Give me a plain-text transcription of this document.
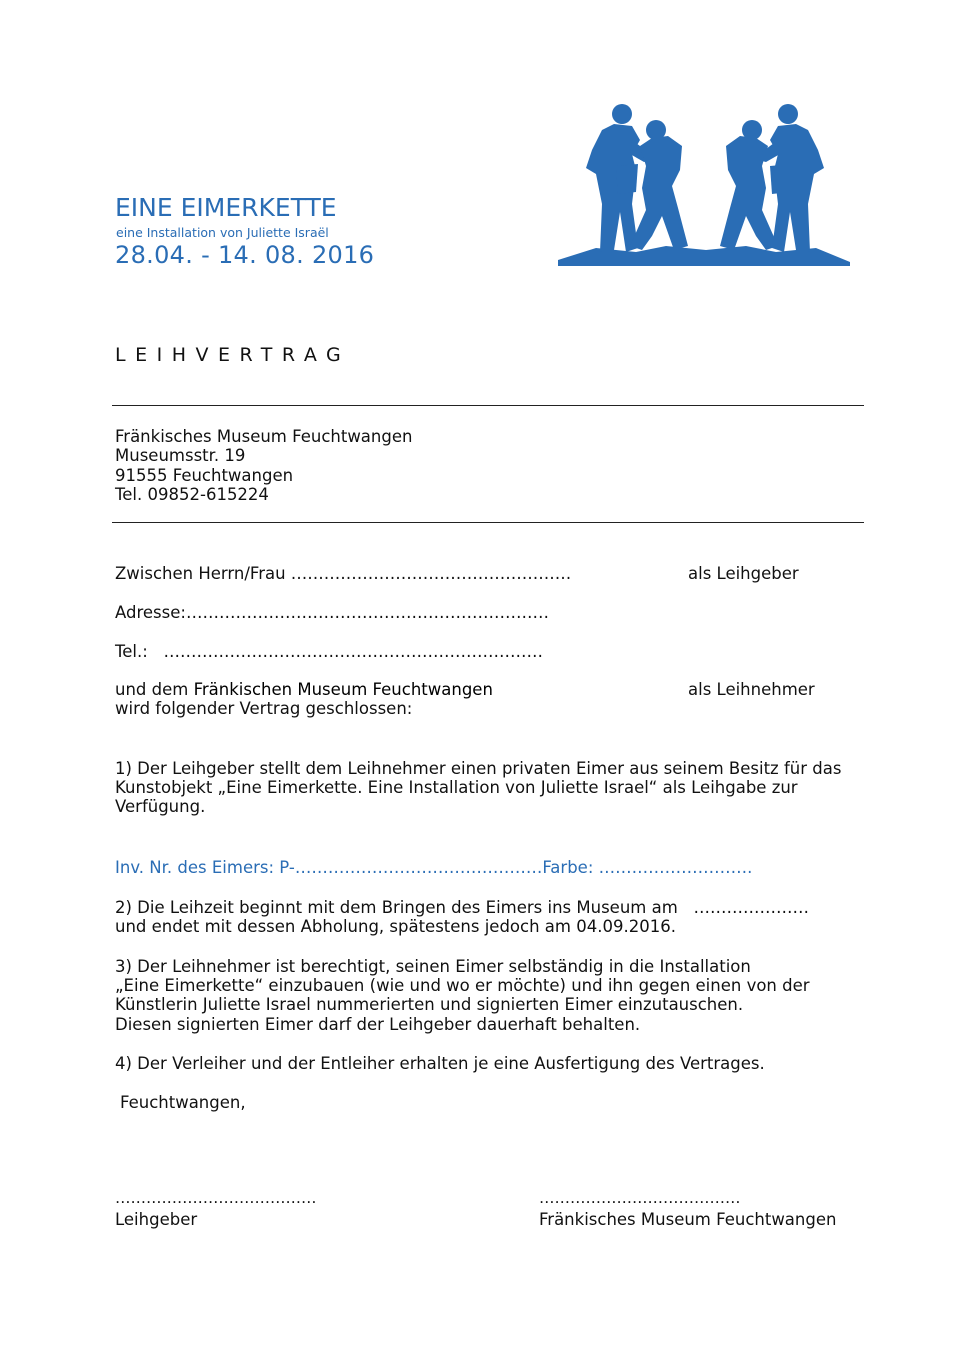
EINE EIMERKETTE
eine Installation von Juliette Israël
28.04. - 14. 08. 2016
LEIHVERTRAG
Fränkisches Museum Feuchtwangen
Museumsstr. 19
91555 Feuchtwangen
Tel. 09852-615224
Zwischen Herrn/Frau ……………………………………………	als Leihgeber
Adresse:…………………………………………………………
Tel.:   ……………………………………………………………
und dem Fränkischen Museum Feuchtwangen	als Leihnehmer
wird folgender Vertrag geschlossen:
1) Der Leihgeber stellt dem Leihnehmer einen privaten Eimer aus seinem Besitz für das
Kunstobjekt „Eine Eimerkette. Eine Installation von Juliette Israel“ als Leihgabe zur
Verfügung.
Inv. Nr. des Eimers: P-………………………………………Farbe: ……………………….
2) Die Leihzeit beginnt mit dem Bringen des Eimers ins Museum am   …………………
und endet mit dessen Abholung, spätestens jedoch am 04.09.2016.
3) Der Leihnehmer ist berechtigt, seinen Eimer selbständig in die Installation
„Eine Eimerkette“ einzubauen (wie und wo er möchte) und ihn gegen einen von der
Künstlerin Juliette Israel nummerierten und signierten Eimer einzutauschen.
Diesen signierten Eimer darf der Leihgeber dauerhaft behalten.
4) Der Verleiher und der Entleiher erhalten je eine Ausfertigung des Vertrages.
Feuchtwangen,
…………………………………
Leihgeber
…………………………………
Fränkisches Museum Feuchtwangen
